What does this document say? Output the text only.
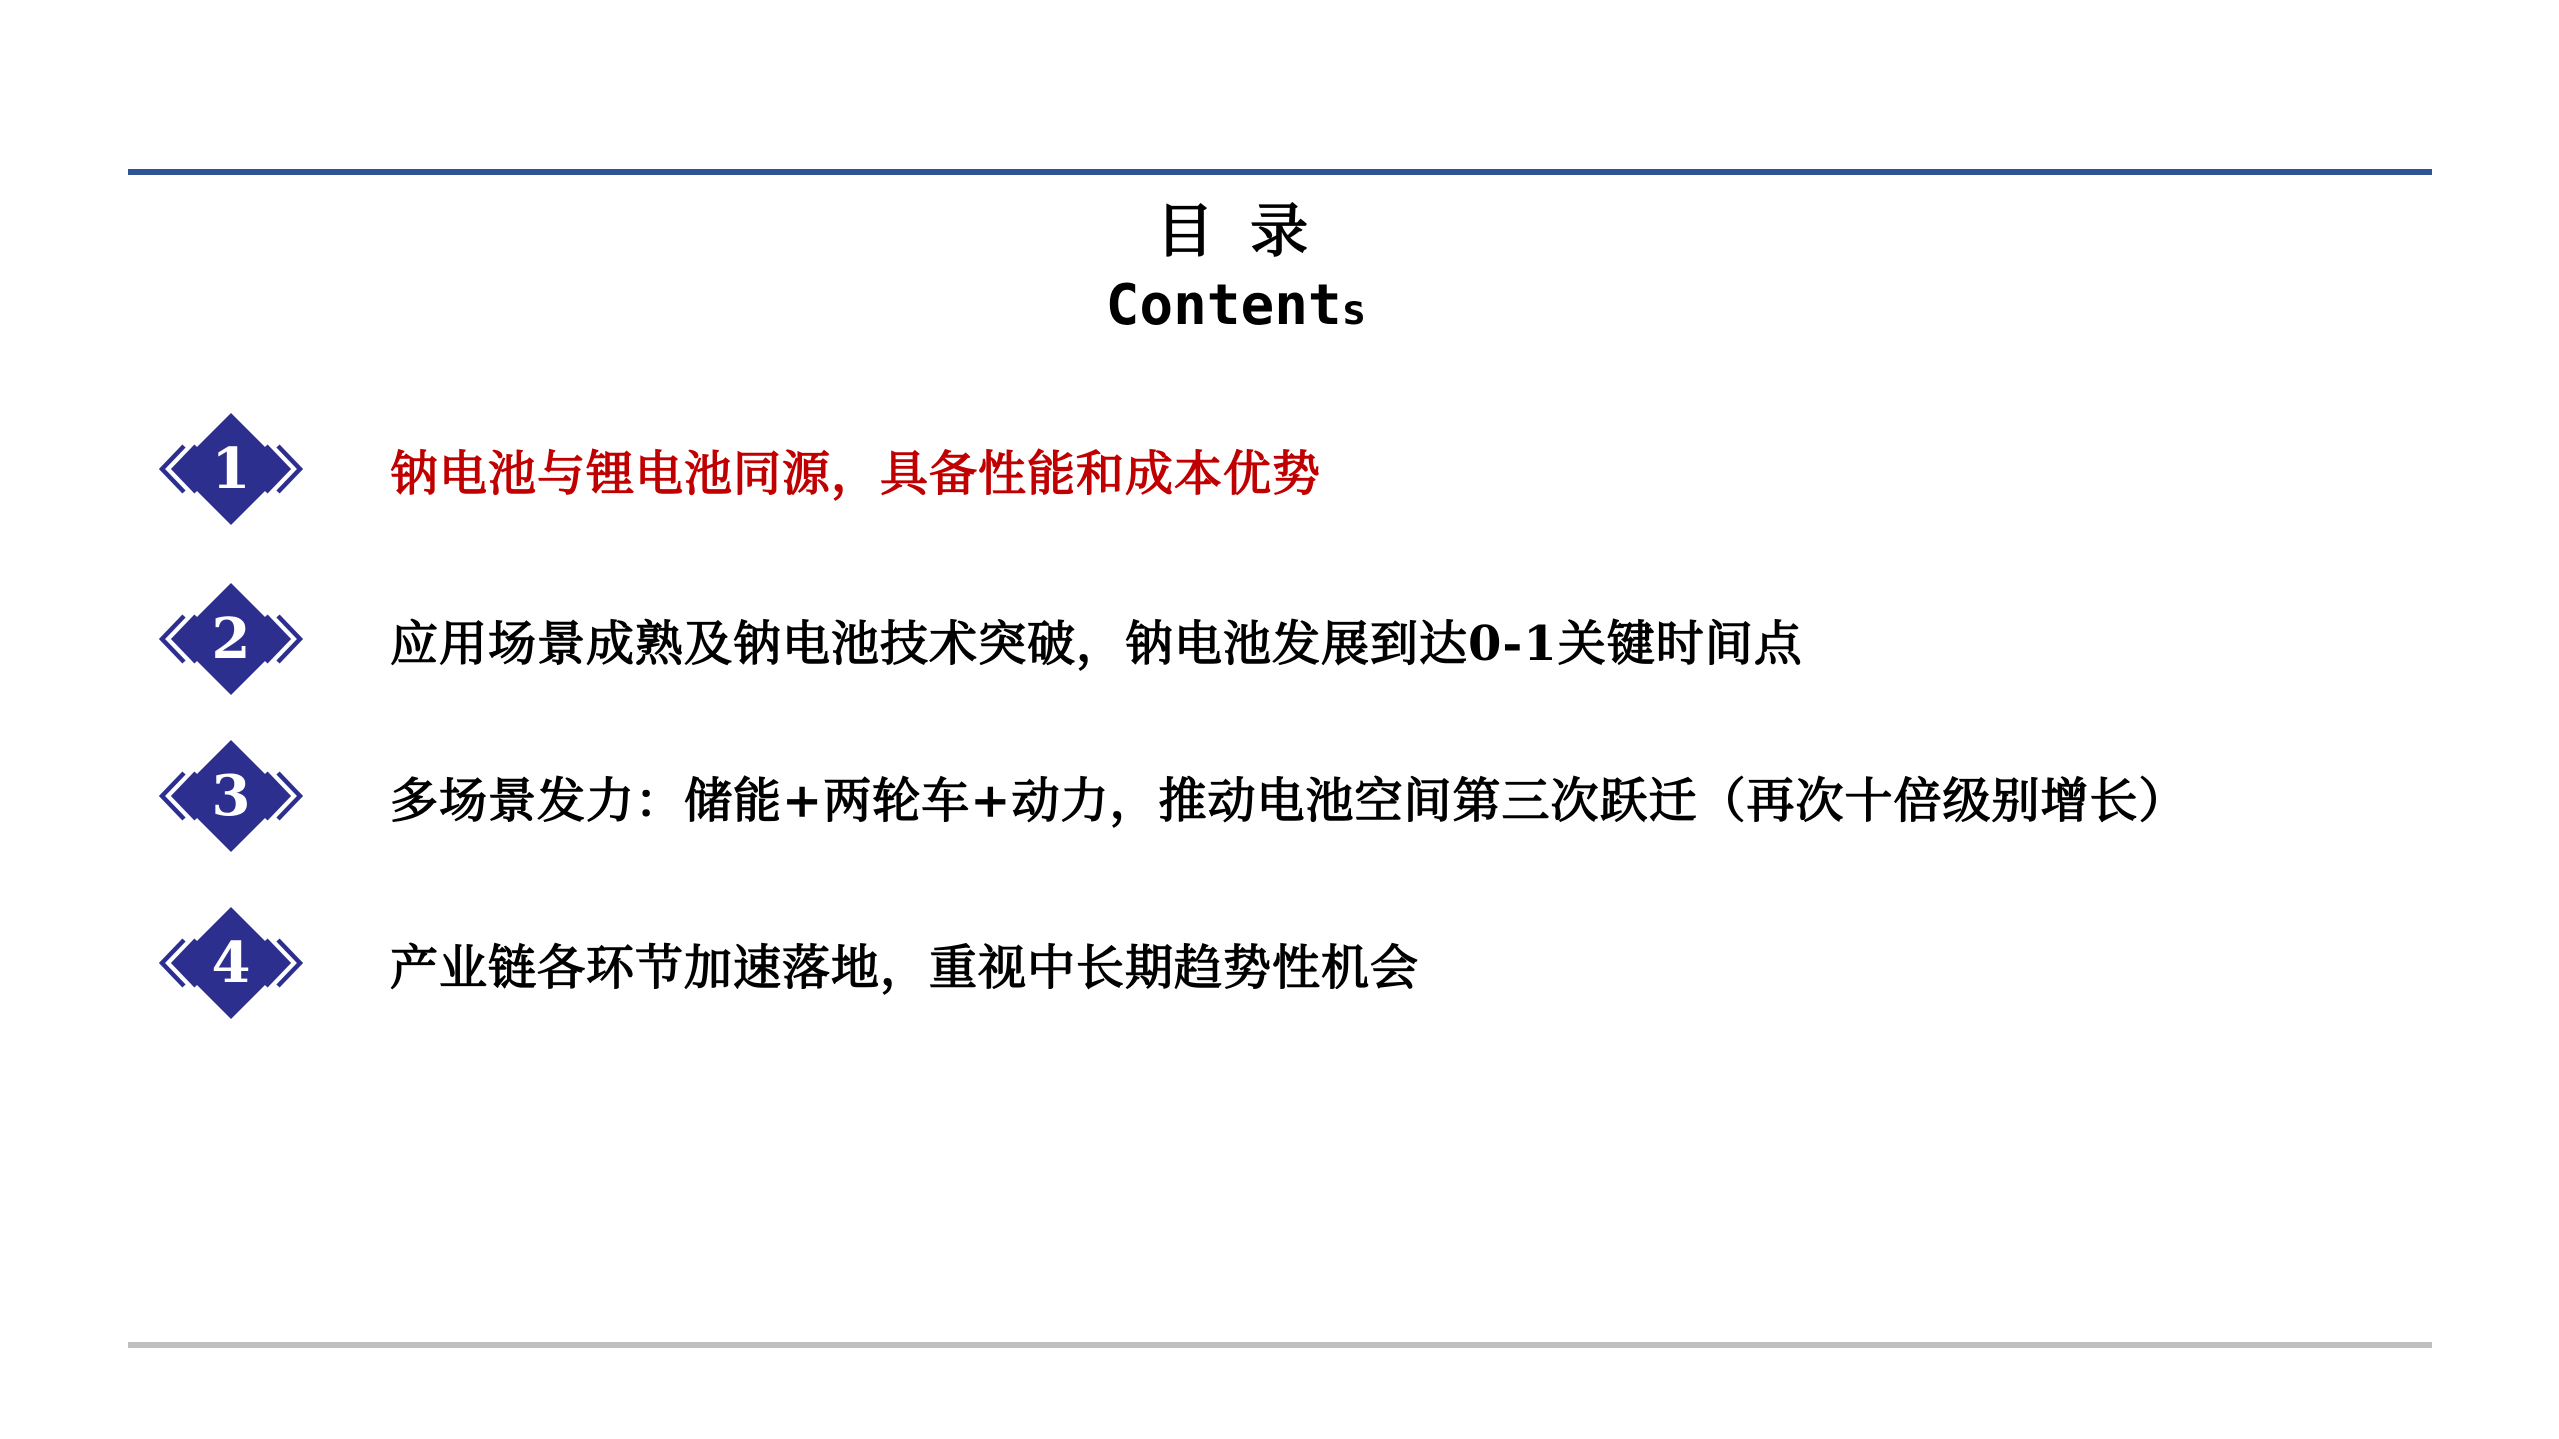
目 录
Contents
1	钠电池与锂电池同源，具备性能和成本优势
2	应用场景成熟及钠电池技术突破，钠电池发展到达0-1关键时间点
3	多场景发力：储能+两轮车+动力，推动电池空间第三次跃迁（再次十倍级别增长）
4	产业链各环节加速落地，重视中长期趋势性机会
